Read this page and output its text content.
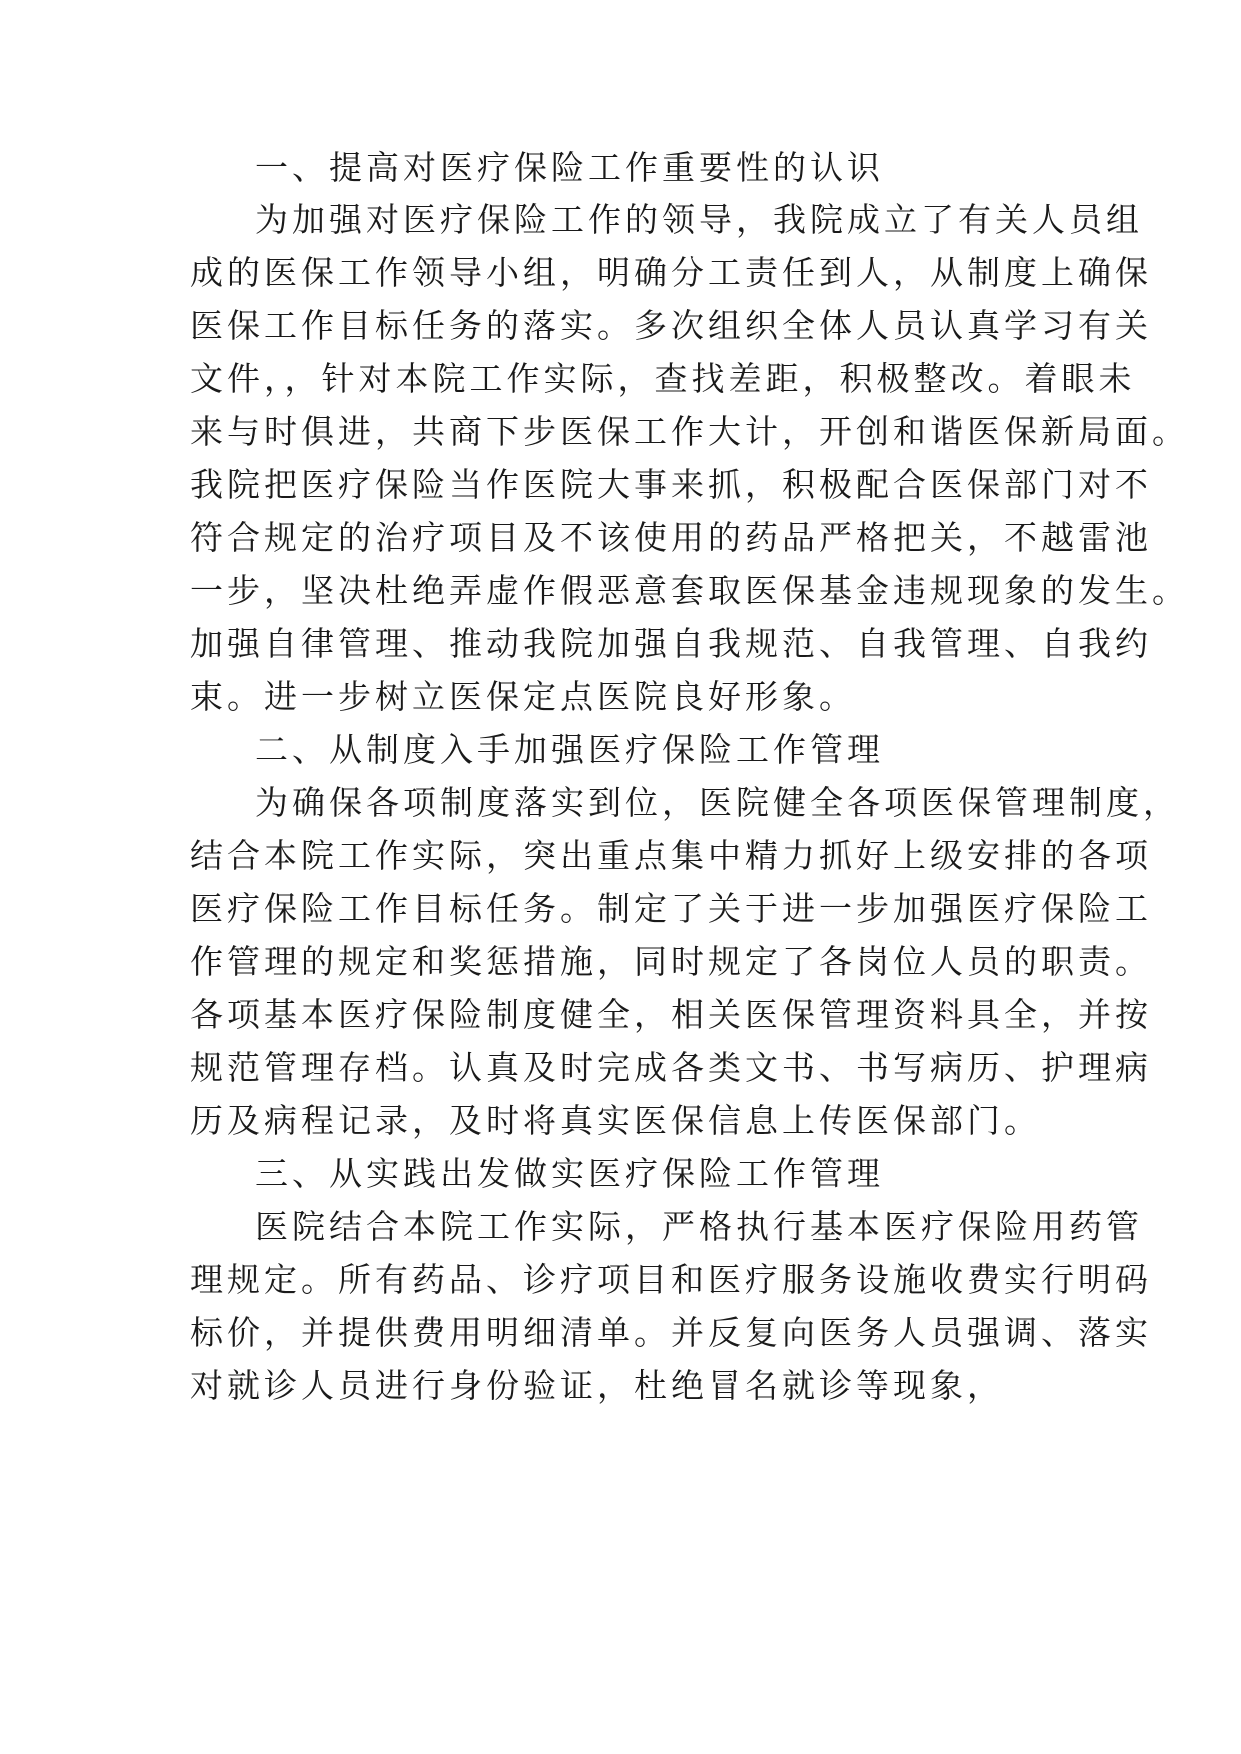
一、提高对医疗保险工作重要性的认识
为加强对医疗保险工作的领导，我院成立了有关人员组
成的医保工作领导小组，明确分工责任到人，从制度上确保
医保工作目标任务的落实。多次组织全体人员认真学习有关
文件，，针对本院工作实际，查找差距，积极整改。着眼未
来与时俱进，共商下步医保工作大计，开创和谐医保新局面。
我院把医疗保险当作医院大事来抓，积极配合医保部门对不
符合规定的治疗项目及不该使用的药品严格把关，不越雷池
一步，坚决杜绝弄虚作假恶意套取医保基金违规现象的发生。
加强自律管理、推动我院加强自我规范、自我管理、自我约
束。进一步树立医保定点医院良好形象。
二、从制度入手加强医疗保险工作管理
为确保各项制度落实到位，医院健全各项医保管理制度，
结合本院工作实际，突出重点集中精力抓好上级安排的各项
医疗保险工作目标任务。制定了关于进一步加强医疗保险工
作管理的规定和奖惩措施，同时规定了各岗位人员的职责。
各项基本医疗保险制度健全，相关医保管理资料具全，并按
规范管理存档。认真及时完成各类文书、书写病历、护理病
历及病程记录，及时将真实医保信息上传医保部门。
三、从实践出发做实医疗保险工作管理
医院结合本院工作实际，严格执行基本医疗保险用药管
理规定。所有药品、诊疗项目和医疗服务设施收费实行明码
标价，并提供费用明细清单。并反复向医务人员强调、落实
对就诊人员进行身份验证，杜绝冒名就诊等现象，
